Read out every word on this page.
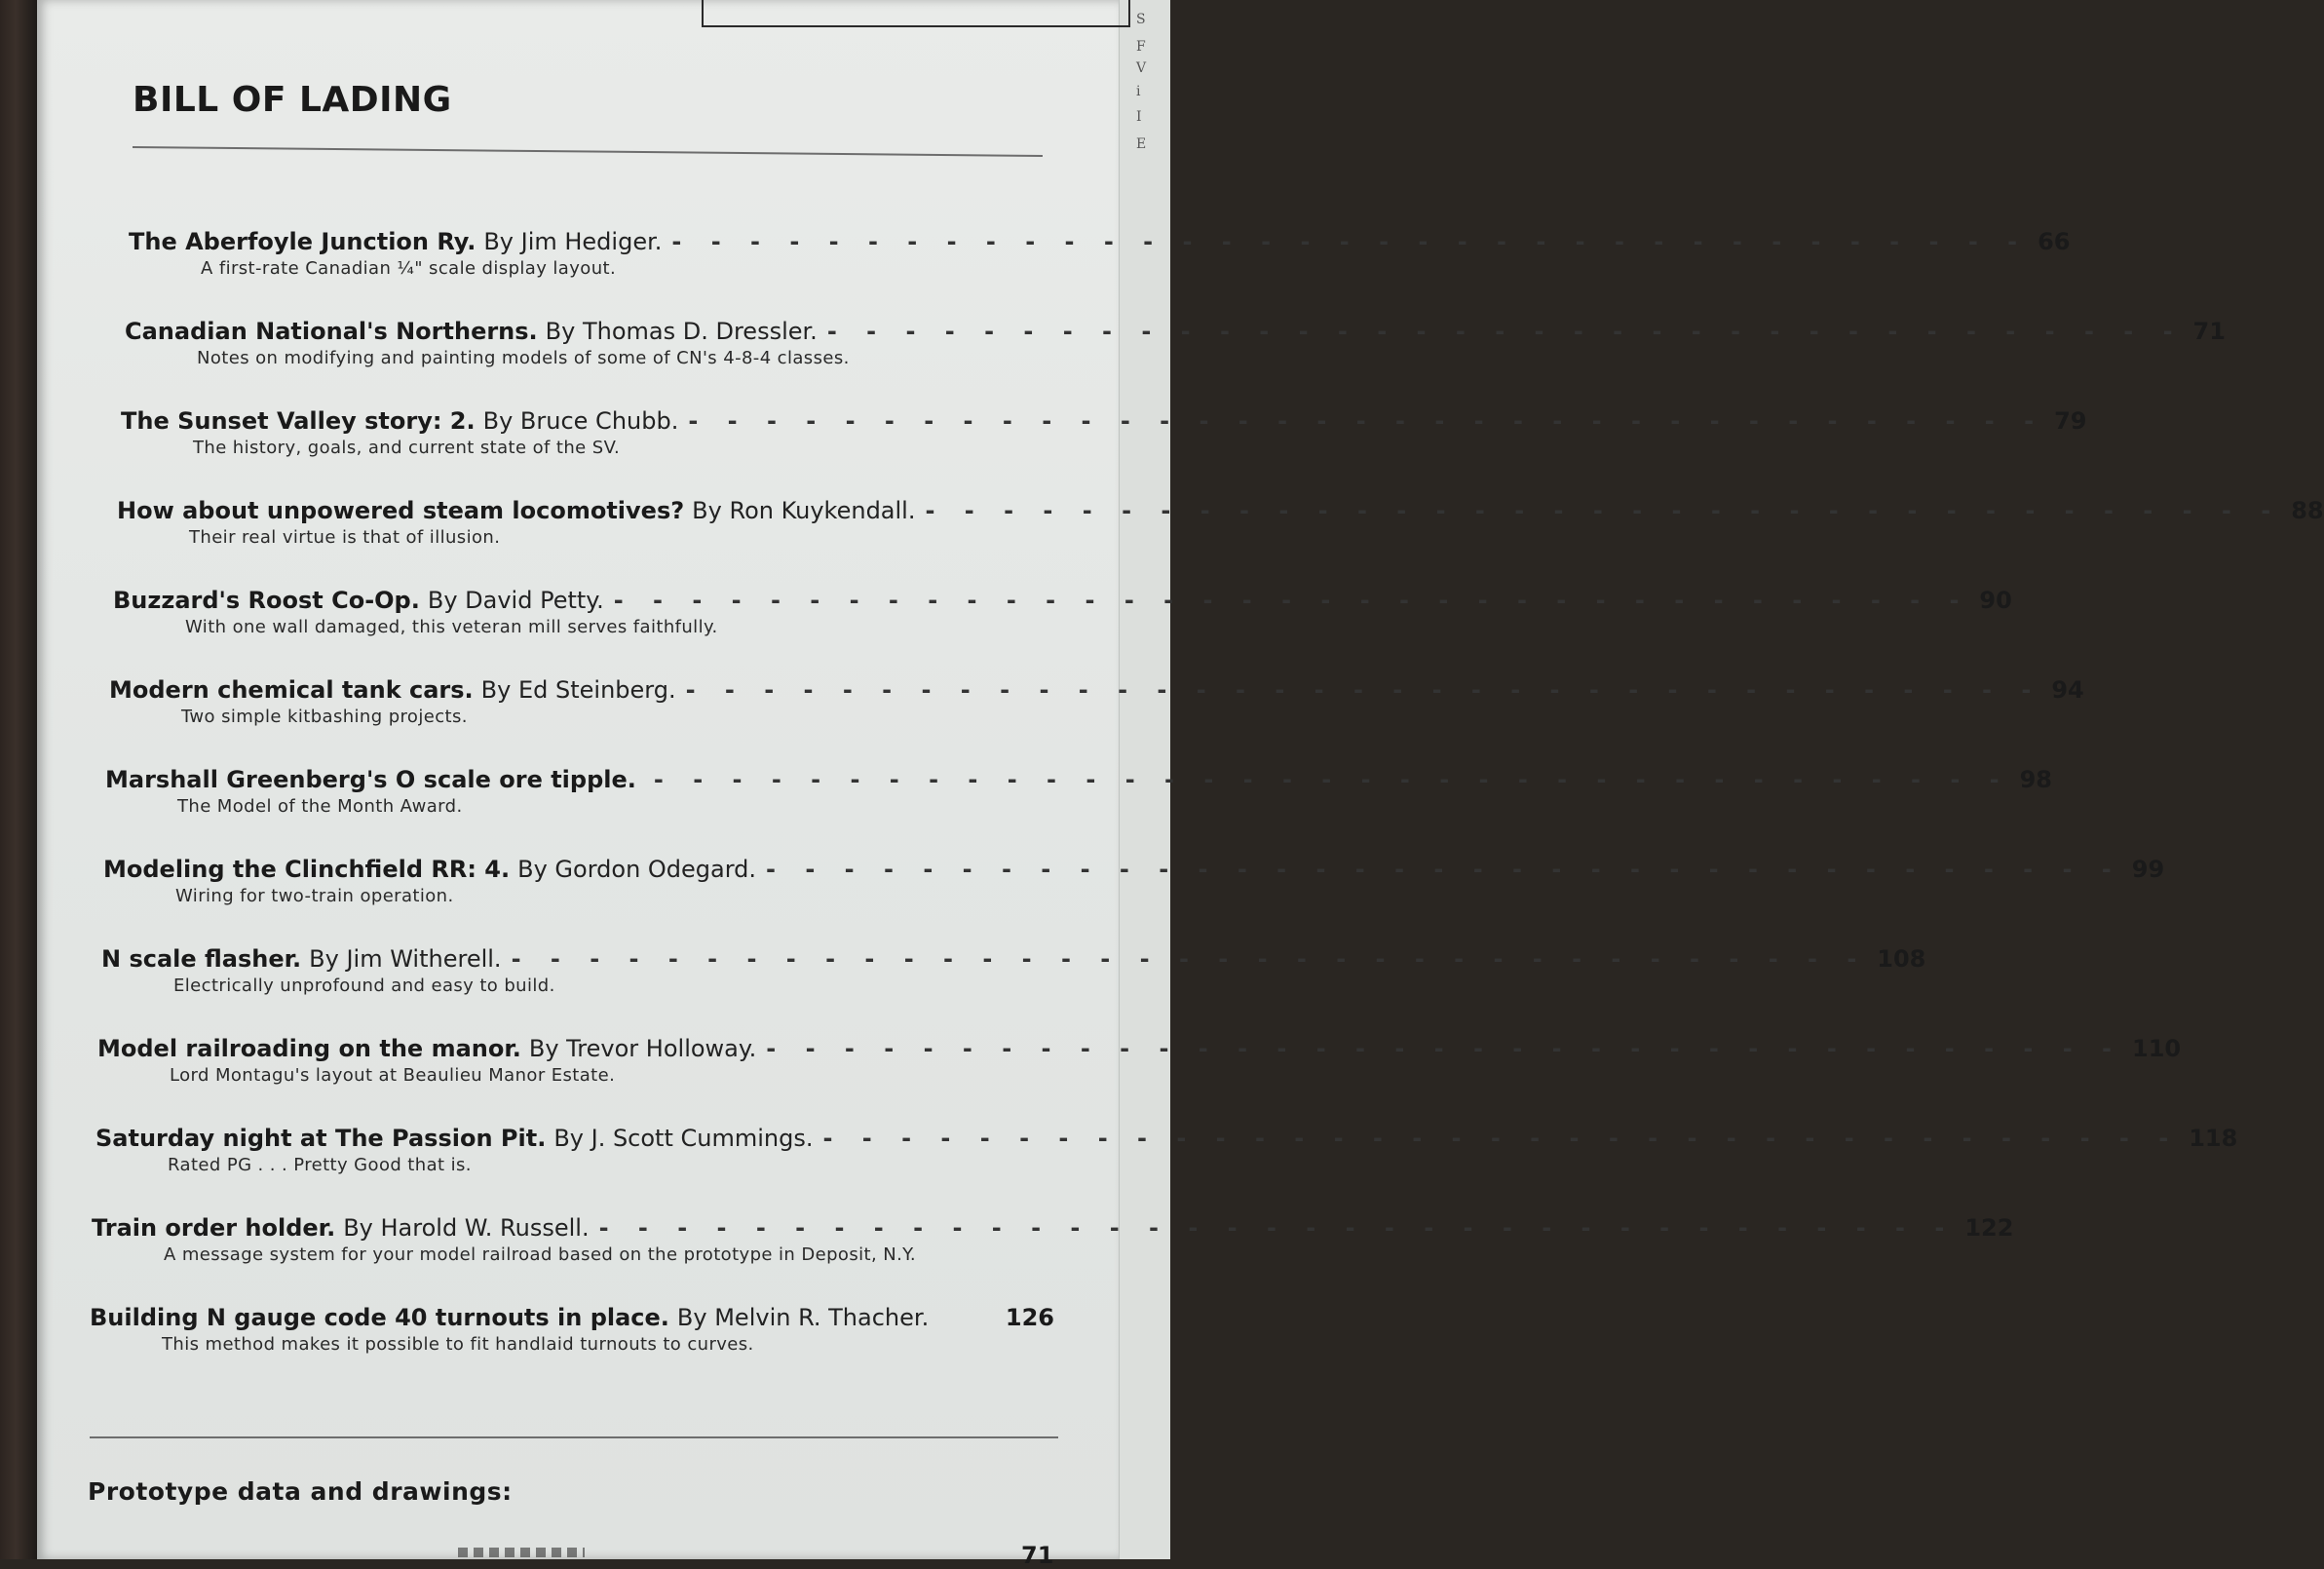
S
F
V
i
I
E
BILL OF LADING
The Aberfoyle Junction Ry. By Jim Hediger. - - - - - - - - - - - - - - - - - - - - - - - - - - - - - - - - - - - 66
A first-rate Canadian ¼" scale display layout.
Canadian National's Northerns. By Thomas D. Dressler. - - - - - - - - - - - - - - - - - - - - - - - - - - - - - - - - - - - 71
Notes on modifying and painting models of some of CN's 4-8-4 classes.
The Sunset Valley story: 2. By Bruce Chubb. - - - - - - - - - - - - - - - - - - - - - - - - - - - - - - - - - - - 79
The history, goals, and current state of the SV.
How about unpowered steam locomotives? By Ron Kuykendall. - - - - - - - - - - - - - - - - - - - - - - - - - - - - - - - - - - - 88
Their real virtue is that of illusion.
Buzzard's Roost Co-Op. By David Petty. - - - - - - - - - - - - - - - - - - - - - - - - - - - - - - - - - - - 90
With one wall damaged, this veteran mill serves faithfully.
Modern chemical tank cars. By Ed Steinberg. - - - - - - - - - - - - - - - - - - - - - - - - - - - - - - - - - - - 94
Two simple kitbashing projects.
Marshall Greenberg's O scale ore tipple. - - - - - - - - - - - - - - - - - - - - - - - - - - - - - - - - - - - 98
The Model of the Month Award.
Modeling the Clinchfield RR: 4. By Gordon Odegard. - - - - - - - - - - - - - - - - - - - - - - - - - - - - - - - - - - - 99
Wiring for two-train operation.
N scale flasher. By Jim Witherell. - - - - - - - - - - - - - - - - - - - - - - - - - - - - - - - - - - - 108
Electrically unprofound and easy to build.
Model railroading on the manor. By Trevor Holloway. - - - - - - - - - - - - - - - - - - - - - - - - - - - - - - - - - - - 110
Lord Montagu's layout at Beaulieu Manor Estate.
Saturday night at The Passion Pit. By J. Scott Cummings. - - - - - - - - - - - - - - - - - - - - - - - - - - - - - - - - - - - 118
Rated PG . . . Pretty Good that is.
Train order holder. By Harold W. Russell. - - - - - - - - - - - - - - - - - - - - - - - - - - - - - - - - - - - 122
A message system for your model railroad based on the prototype in Deposit, N.Y.
Building N gauge code 40 turnouts in place. By Melvin R. Thacher.	126
This method makes it possible to fit handlaid turnouts to curves.
Prototype data and drawings:
71
